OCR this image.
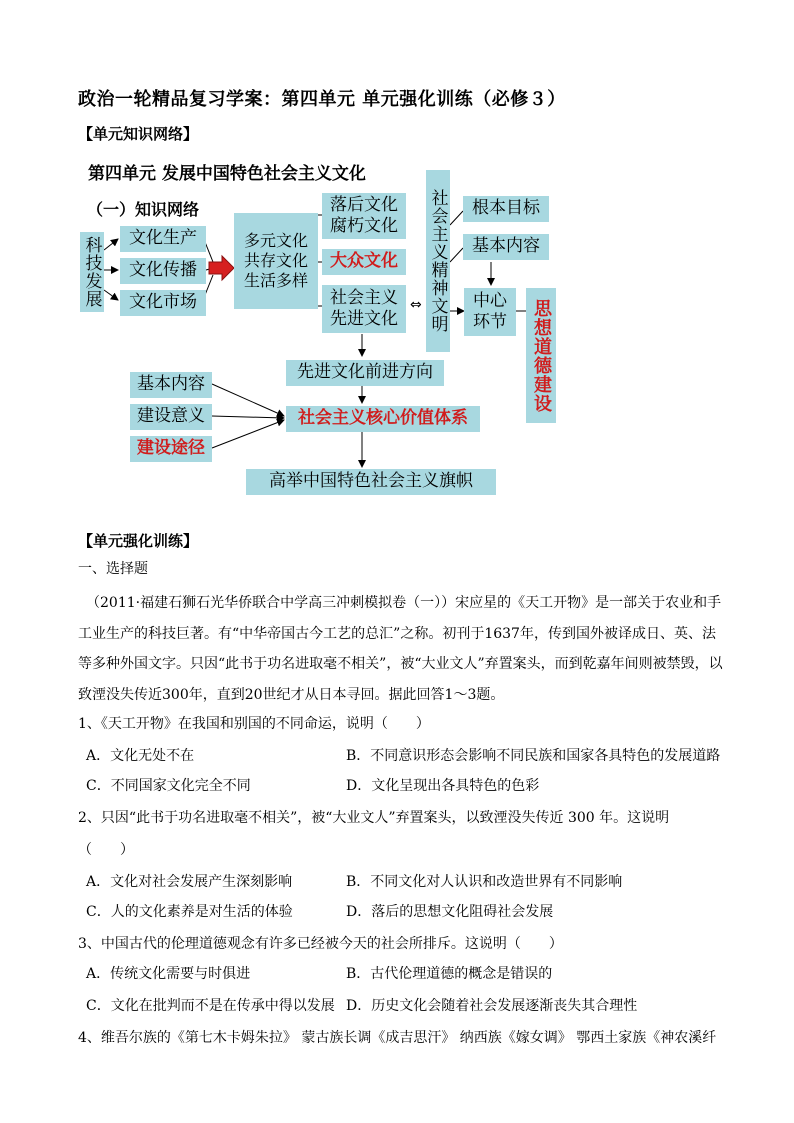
政治一轮精品复习学案：第四单元 单元强化训练（必修３）
【单元知识网络】
第四单元 发展中国特色社会主义文化
（一）知识网络
科技发展	文化生产
文化传播
文化市场
多元文化共存文化生活多样
落后文化腐朽文化
大众文化
社会主义先进文化
⇔ 社会主义精神文明	根本目标
基本内容
中心环节	思想道德建设
先进文化前进方向
基本内容
建设意义
建设途径
社会主义核心价值体系
高举中国特色社会主义旗帜
【单元强化训练】
一、选择题
（2011·福建石狮石光华侨联合中学高三冲刺模拟卷（一））宋应星的《天工开物》是一部关于农业和手工业生产的科技巨著。有“中华帝国古今工艺的总汇”之称。初刊于1637年，传到国外被译成日、英、法等多种外国文字。只因“此书于功名进取毫不相关”，被“大业文人”弃置案头，而到乾嘉年间则被禁毁，以致湮没失传近300年，直到20世纪才从日本寻回。据此回答1～3题。
1、《天工开物》在我国和别国的不同命运，说明（　　）
A．文化无处不在	B．不同意识形态会影响不同民族和国家各具特色的发展道路
C．不同国家文化完全不同	D．文化呈现出各具特色的色彩
2、只因“此书于功名进取毫不相关”，被“大业文人”弃置案头，以致湮没失传近 300 年。这说明
（　　）
A．文化对社会发展产生深刻影响	B．不同文化对人认识和改造世界有不同影响
C．人的文化素养是对生活的体验	D．落后的思想文化阻碍社会发展
3、中国古代的伦理道德观念有许多已经被今天的社会所排斥。这说明（　　）
A．传统文化需要与时俱进	B．古代伦理道德的概念是错误的
C．文化在批判而不是在传承中得以发展 D．历史文化会随着社会发展逐渐丧失其合理性
4、维吾尔族的《第七木卡姆朱拉》 蒙古族长调《成吉思汗》 纳西族《嫁女调》 鄂西土家族《神农溪纤
